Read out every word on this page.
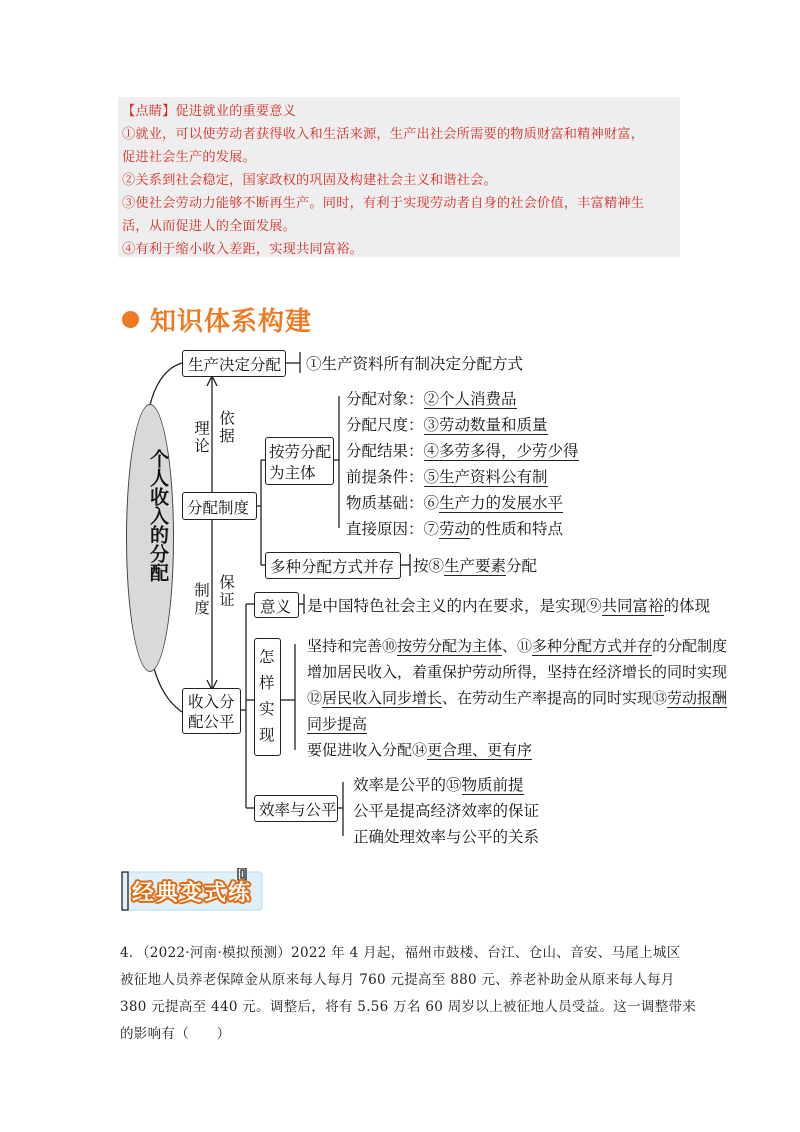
【点睛】促进就业的重要意义
①就业，可以使劳动者获得收入和生活来源，生产出社会所需要的物质财富和精神财富，
促进社会生产的发展。
②关系到社会稳定，国家政权的巩固及构建社会主义和谐社会。
③使社会劳动力能够不断再生产。同时，有利于实现劳动者自身的社会价值，丰富精神生
活，从而促进人的全面发展。
④有利于缩小收入差距，实现共同富裕。
知识体系构建
个人收入的分配
生产决定分配 ①生产资料所有制决定分配方式
理论 依据
制度 保证
分配制度
按劳分配
为主体
分配对象：②个人消费品
分配尺度：③劳动数量和质量
分配结果：④多劳多得，少劳少得
前提条件：⑤生产资料公有制
物质基础：⑥生产力的发展水平
直接原因：⑦劳动的性质和特点
多种分配方式并存 按⑧生产要素分配
收入分
配公平
意义 是中国特色社会主义的内在要求，是实现⑨共同富裕的体现
怎
样
实
现
坚持和完善⑩按劳分配为主体、⑪多种分配方式并存的分配制度
增加居民收入，着重保护劳动所得，坚持在经济增长的同时实现
⑫居民收入同步增长、在劳动生产率提高的同时实现⑬劳动报酬
同步提高
要促进收入分配⑭更合理、更有序
效率与公平
效率是公平的⑮物质前提
公平是提高经济效率的保证
正确处理效率与公平的关系
经典变式练
4．（2022·河南·模拟预测）2022 年 4 月起，福州市鼓楼、台江、仓山、音安、马尾上城区
被征地人员养老保障金从原来每人每月 760 元提高至 880 元、养老补助金从原来每人每月
380 元提高至 440 元。调整后，将有 5.56 万名 60 周岁以上被征地人员受益。这一调整带来
的影响有（　　）
